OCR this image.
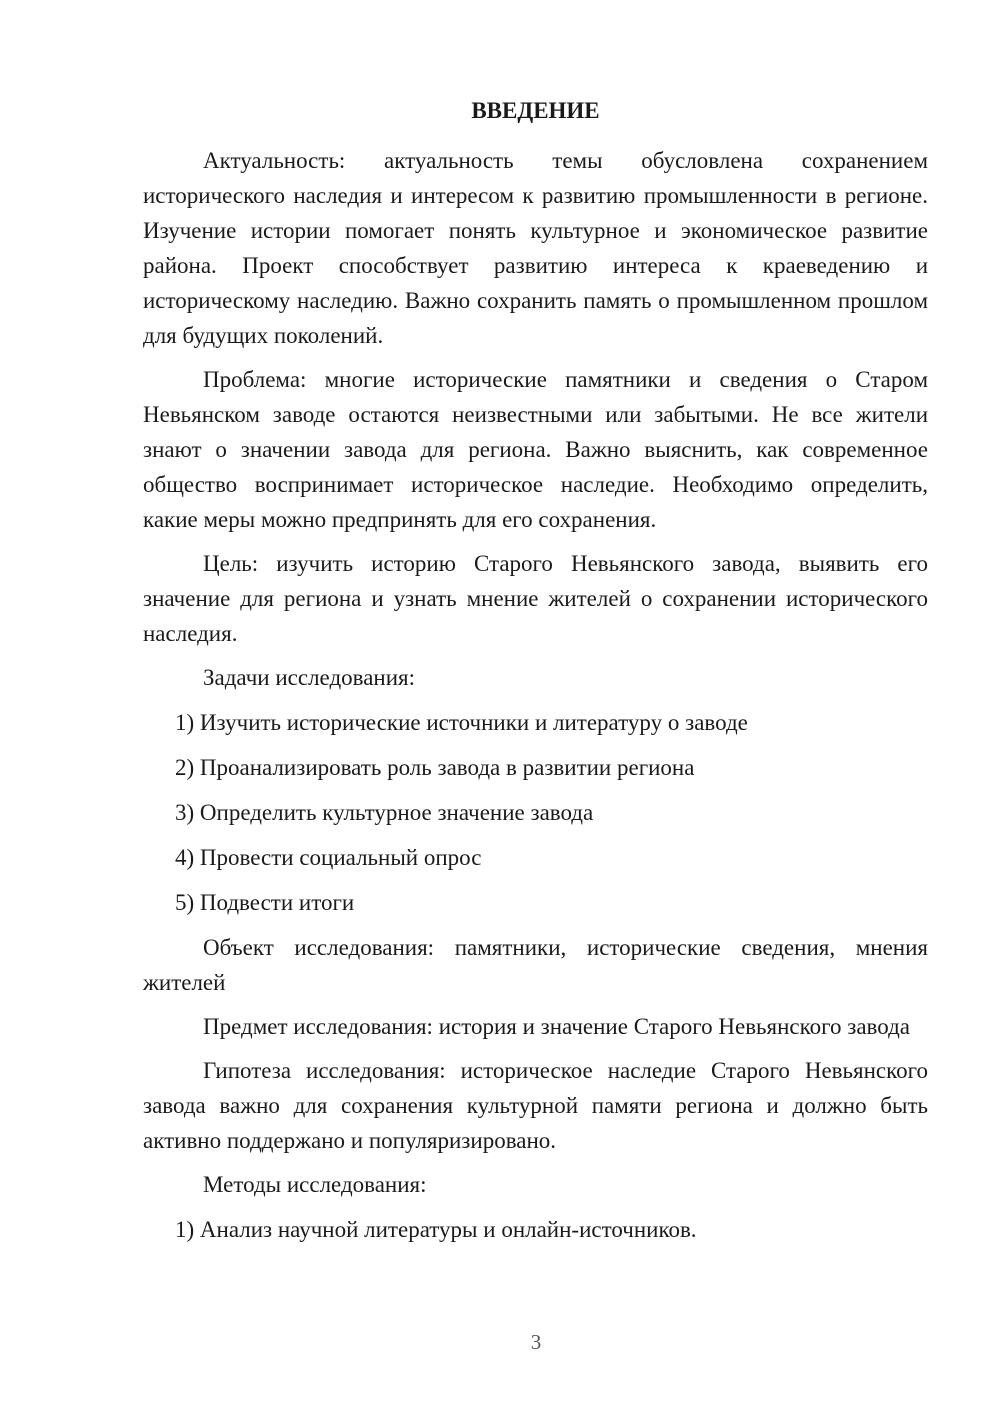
ВВЕДЕНИЕ

Актуальность: актуальность темы обусловлена сохранением исторического наследия и интересом к развитию промышленности в регионе. Изучение истории помогает понять культурное и экономическое развитие района. Проект способствует развитию интереса к краеведению и историческому наследию. Важно сохранить память о промышленном прошлом для будущих поколений.

Проблема: многие исторические памятники и сведения о Старом Невьянском заводе остаются неизвестными или забытыми. Не все жители знают о значении завода для региона. Важно выяснить, как современное общество воспринимает историческое наследие. Необходимо определить, какие меры можно предпринять для его сохранения.

Цель: изучить историю Старого Невьянского завода, выявить его значение для региона и узнать мнение жителей о сохранении исторического наследия.

Задачи исследования:
1) Изучить исторические источники и литературу о заводе
2) Проанализировать роль завода в развитии региона
3) Определить культурное значение завода
4) Провести социальный опрос
5) Подвести итоги

Объект исследования: памятники, исторические сведения, мнения жителей

Предмет исследования: история и значение Старого Невьянского завода

Гипотеза исследования: историческое наследие Старого Невьянского завода важно для сохранения культурной памяти региона и должно быть активно поддержано и популяризировано.

Методы исследования:
1) Анализ научной литературы и онлайн-источников.
3
